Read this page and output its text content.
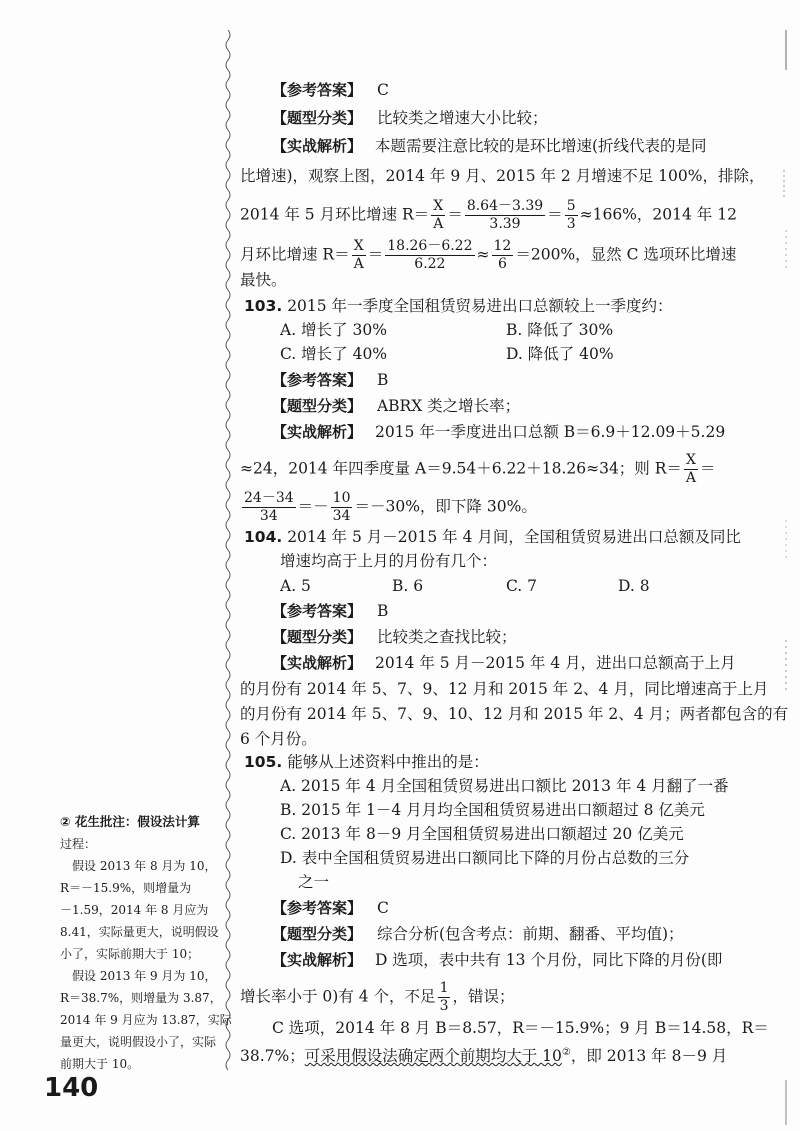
【参考答案】 C
【题型分类】 比较类之增速大小比较；
【实战解析】 本题需要注意比较的是环比增速(折线代表的是同
比增速)，观察上图，2014 年 9 月、2015 年 2 月增速不足 100%，排除，
2014 年 5 月环比增速 $R= \frac{X}{A} = \frac{8.64-3.39}{3.39} = \frac{5}{3} \approx 166\%$，2014 年 12
月环比增速 $R= \frac{X}{A} = \frac{18.26-6.22}{6.22} \approx \frac{12}{6} =200\%$，显然 C 选项环比增速
最快。
103. 2015 年一季度全国租赁贸易进出口总额较上一季度约：
A. 增长了 30%	B. 降低了 30%
C. 增长了 40%	D. 降低了 40%
【参考答案】 B
【题型分类】 ABRX 类之增长率；
【实战解析】 2015 年一季度进出口总额 B＝6.9＋12.09＋5.29
≈24，2014 年四季度量 A＝9.54＋6.22＋18.26≈34；则 $R= \frac{X}{A}$ ＝
$\frac{24-34}{34} =- \frac{10}{34} =-30\%$，即下降 30%。
104. 2014 年 5 月－2015 年 4 月间，全国租赁贸易进出口总额及同比
增速均高于上月的月份有几个：
A. 5	B. 6	C. 7	D. 8
【参考答案】 B
【题型分类】 比较类之查找比较；
【实战解析】 2014 年 5 月－2015 年 4 月，进出口总额高于上月
的月份有 2014 年 5、7、9、12 月和 2015 年 2、4 月，同比增速高于上月
的月份有 2014 年 5、7、9、10、12 月和 2015 年 2、4 月；两者都包含的有
6 个月份。
105. 能够从上述资料中推出的是：
A. 2015 年 4 月全国租赁贸易进出口额比 2013 年 4 月翻了一番
B. 2015 年 1－4 月月均全国租赁贸易进出口额超过 8 亿美元
C. 2013 年 8－9 月全国租赁贸易进出口额超过 20 亿美元
D. 表中全国租赁贸易进出口额同比下降的月份占总数的三分
之一
【参考答案】 C
【题型分类】 综合分析(包含考点：前期、翻番、平均值)；
【实战解析】 D 选项，表中共有 13 个月份，同比下降的月份(即
增长率小于 0)有 4 个，不足 $\frac{1}{3}$ ，错误；
C 选项，2014 年 8 月 B＝8.57，R＝－15.9%；9 月 B＝14.58，R＝
38.7%；可采用假设法确定两个前期均大于 10②，即 2013 年 8－9 月
② 花生批注：假设法计算
过程：
　假设 2013 年 8 月为 10，
R＝－15.9%，则增量为
－1.59，2014 年 8 月应为
8.41，实际量更大，说明假设
小了，实际前期大于 10；
　假设 2013 年 9 月为 10，
R＝38.7%，则增量为 3.87，
2014 年 9 月应为 13.87，实际
量更大，说明假设小了，实际
前期大于 10。
140
